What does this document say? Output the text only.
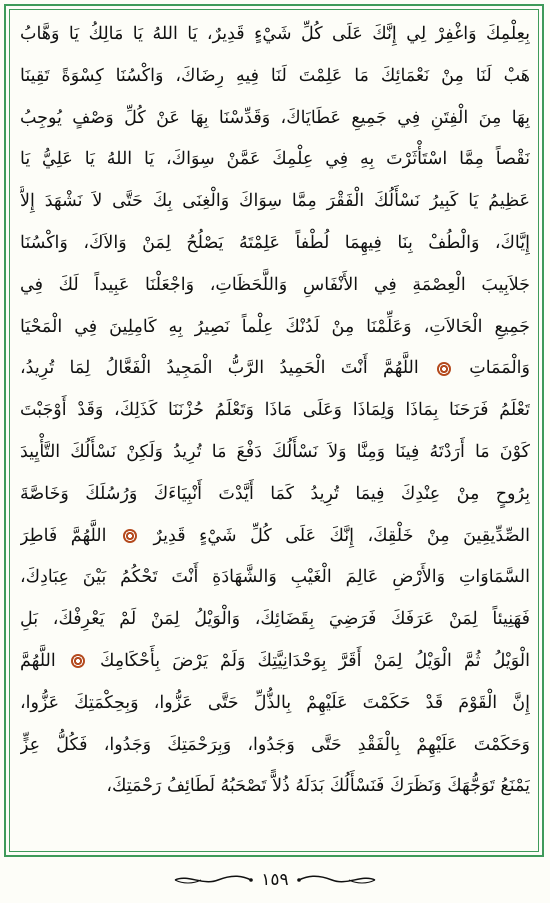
بِعِلْمِكَ وَاغْفِرْ لِي إِنَّكَ عَلَى كُلِّ شَيْءٍ قَدِيرٌ، يَا اللهُ يَا مَالِكُ يَا وَهَّابُ
هَبْ لَنَا مِنْ نَعْمَائِكَ مَا عَلِمْتَ لَنَا فِيهِ رِضَاكَ، وَاكْسُنَا كِسْوَةً تَقِينَا
بِهَا مِنَ الْفِتَنِ فِي جَمِيعِ عَطَايَاكَ، وَقَدِّسْنَا بِهَا عَنْ كُلِّ وَصْفٍ يُوجِبُ
نَقْصاً مِمَّا اسْتَأْثَرْتَ بِهِ فِي عِلْمِكَ عَمَّنْ سِوَاكَ، يَا اللهُ يَا عَلِيُّ يَا
عَظِيمُ يَا كَبِيرُ نَسْأَلُكَ الْفَقْرَ مِمَّا سِوَاكَ وَالْغِنَى بِكَ حَتَّى لاَ نَشْهَدَ إِلاَّ
إِيَّاكَ، وَالْطُفْ بِنَا فِيهِمَا لُطْفاً عَلِمْتَهُ يَصْلُحُ لِمَنْ وَالاَكَ، وَاكْسُنَا
جَلاَبِيبَ الْعِصْمَةِ فِي الأَنْفَاسِ وَاللَّحَظَاتِ، وَاجْعَلْنَا عَبِيداً لَكَ فِي
جَمِيعِ الْحَالاَتِ، وَعَلِّمْنَا مِنْ لَدُنْكَ عِلْماً نَصِيرُ بِهِ كَامِلِينَ فِي الْمَحْيَا
وَالْمَمَاتِ  اللَّهُمَّ أَنْتَ الْحَمِيدُ الرَّبُّ الْمَجِيدُ الْفَعَّالُ لِمَا تُرِيدُ،
تَعْلَمُ فَرَحَنَا بِمَاذَا وَلِمَاذَا وَعَلَى مَاذَا وَتَعْلَمُ حُزْنَنَا كَذَلِكَ، وَقَدْ أَوْجَبْتَ
كَوْنَ مَا أَرَدْتَهُ فِينَا وَمِنَّا وَلاَ نَسْأَلُكَ دَفْعَ مَا تُرِيدُ وَلَكِنْ نَسْأَلُكَ التَّأْيِيدَ
بِرُوحٍ مِنْ عِنْدِكَ فِيمَا تُرِيدُ كَمَا أَيَّدْتَ أَنْبِيَاءَكَ وَرُسُلَكَ وَخَاصَّةَ
الصِّدِّيقِينَ مِنْ خَلْقِكَ، إِنَّكَ عَلَى كُلِّ شَيْءٍ قَدِيرٌ  اللَّهُمَّ فَاطِرَ
السَّمَاوَاتِ وَالأَرْضِ عَالِمَ الْغَيْبِ وَالشَّهَادَةِ أَنْتَ تَحْكُمُ بَيْنَ عِبَادِكَ،
فَهَنِيئاً لِمَنْ عَرَفَكَ فَرَضِيَ بِقَضَائِكَ، وَالْوَيْلُ لِمَنْ لَمْ يَعْرِفْكَ، بَلِ
الْوَيْلُ ثُمَّ الْوَيْلُ لِمَنْ أَقَرَّ بِوَحْدَانِيَّتِكَ وَلَمْ يَرْضَ بِأَحْكَامِكَ  اللَّهُمَّ
إِنَّ الْقَوْمَ قَدْ حَكَمْتَ عَلَيْهِمْ بِالذُّلِّ حَتَّى عَزُّوا، وَبِحِكْمَتِكَ عَزُّوا،
وَحَكَمْتَ عَلَيْهِمْ بِالْفَقْدِ حَتَّى وَجَدُوا، وَبِرَحْمَتِكَ وَجَدُوا، فَكُلُّ عِزٍّ
يَمْنَعُ تَوَجُّهَكَ وَنَظَرَكَ فَنَسْأَلُكَ بَدَلَهُ ذُلاًّ تَصْحَبُهُ لَطَائِفُ رَحْمَتِكَ،
١٥٩
